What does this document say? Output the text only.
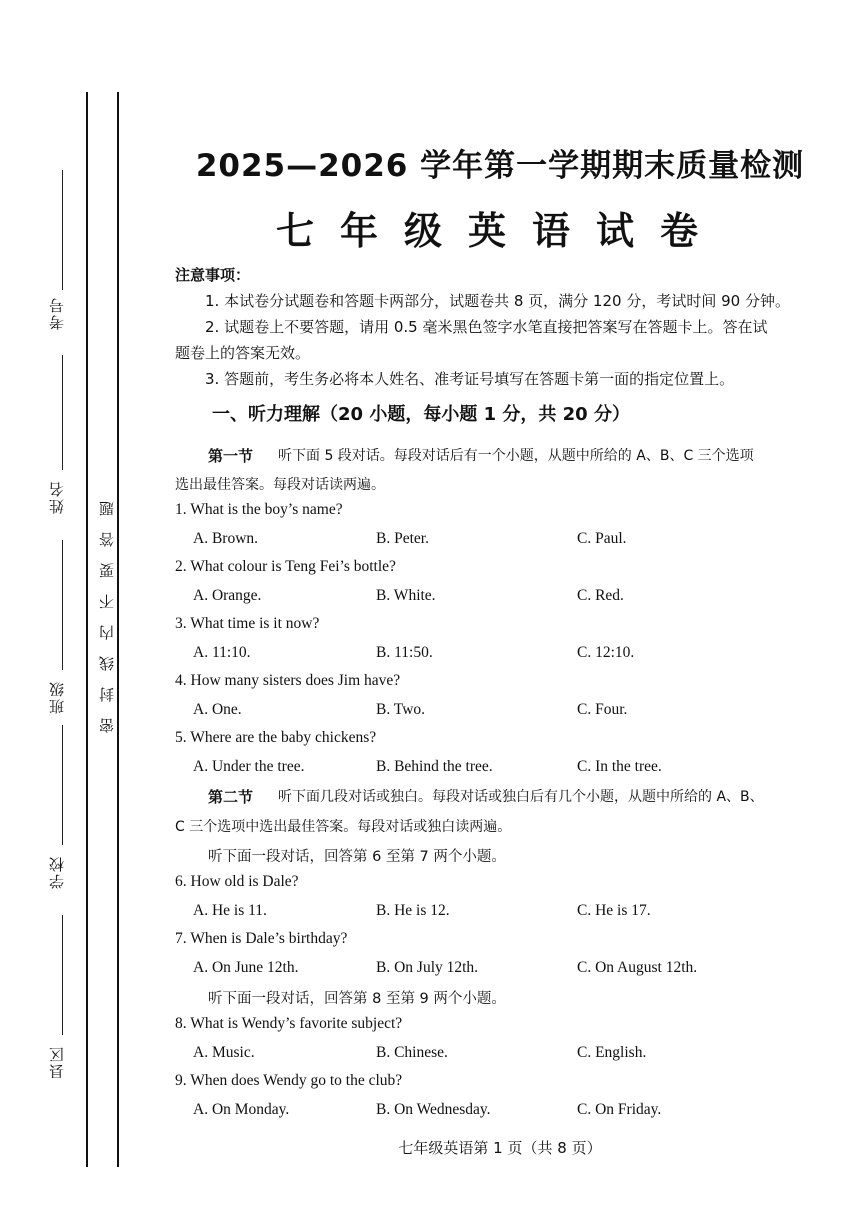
考号
姓名
班级
学校
县区
密封线内不要答题
2025—2026 学年第一学期期末质量检测
七年级英语试卷
注意事项：
1. 本试卷分试题卷和答题卡两部分，试题卷共 8 页，满分 120 分，考试时间 90 分钟。
2. 试题卷上不要答题，请用 0.5 毫米黑色签字水笔直接把答案写在答题卡上。答在试
题卷上的答案无效。
3. 答题前，考生务必将本人姓名、准考证号填写在答题卡第一面的指定位置上。
一、听力理解（20 小题，每小题 1 分，共 20 分）
第一节 听下面 5 段对话。每段对话后有一个小题，从题中所给的 A、B、C 三个选项
选出最佳答案。每段对话读两遍。
1. What is the boy’s name?
A. Brown.	B. Peter.	C. Paul.
2. What colour is Teng Fei’s bottle?
A. Orange.	B. White.	C. Red.
3. What time is it now?
A. 11:10.	B. 11:50.	C. 12:10.
4. How many sisters does Jim have?
A. One.	B. Two.	C. Four.
5. Where are the baby chickens?
A. Under the tree.	B. Behind the tree.	C. In the tree.
第二节 听下面几段对话或独白。每段对话或独白后有几个小题，从题中所给的 A、B、
C 三个选项中选出最佳答案。每段对话或独白读两遍。
听下面一段对话，回答第 6 至第 7 两个小题。
6. How old is Dale?
A. He is 11.	B. He is 12.	C. He is 17.
7. When is Dale’s birthday?
A. On June 12th.	B. On July 12th.	C. On August 12th.
听下面一段对话，回答第 8 至第 9 两个小题。
8. What is Wendy’s favorite subject?
A. Music.	B. Chinese.	C. English.
9. When does Wendy go to the club?
A. On Monday.	B. On Wednesday.	C. On Friday.
七年级英语第 1 页（共 8 页）
